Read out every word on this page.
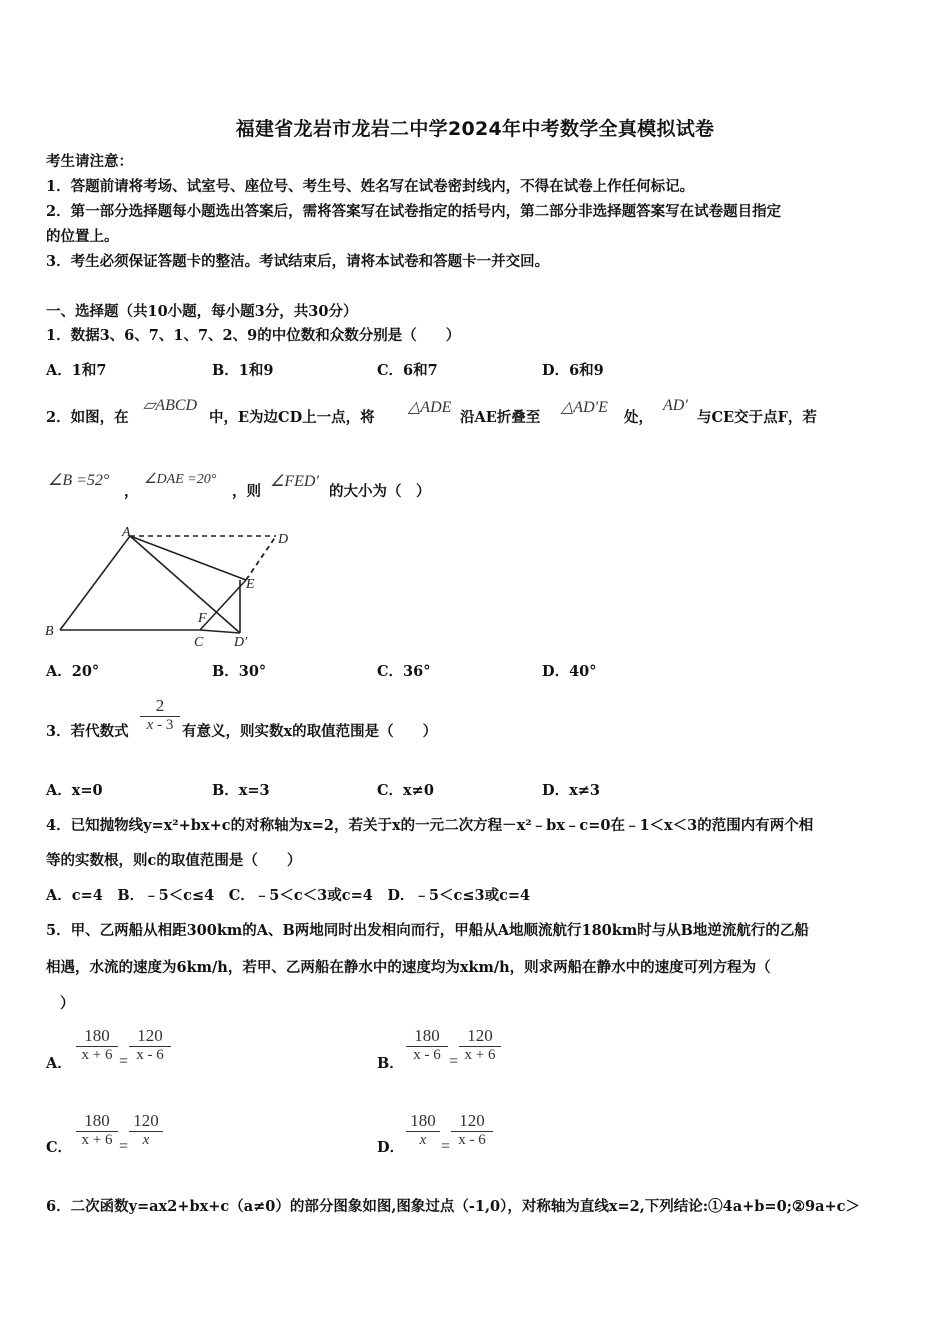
福建省龙岩市龙岩二中学2024年中考数学全真模拟试卷
考生请注意：
1．答题前请将考场、试室号、座位号、考生号、姓名写在试卷密封线内，不得在试卷上作任何标记。
2．第一部分选择题每小题选出答案后，需将答案写在试卷指定的括号内，第二部分非选择题答案写在试卷题目指定
的位置上。
3．考生必须保证答题卡的整洁。考试结束后，请将本试卷和答题卡一并交回。
一、选择题（共10小题，每小题3分，共30分）
1．数据3、6、7、1、7、2、9的中位数和众数分别是（　　）
A．1和7	B．1和9	C．6和7	D．6和9
2．如图，在
▱ABCD
中，E为边CD上一点，将
△ADE
沿AE折叠至
△AD′E
处，
AD′
与CE交于点F，若
∠B =52°
，
∠DAE =20°
，则
∠FED′
的大小为（　）
A
B
C
D
E
F
D′
A．20°	B．30°	C．36°	D．40°
3．若代数式
2
x - 3 有意义，则实数x的取值范围是（　　）
A．x=0	B．x=3	C．x≠0	D．x≠3
4．已知抛物线y=x²+bx+c的对称轴为x=2，若关于x的一元二次方程－x²﹣bx﹣c=0在﹣1＜x＜3的范围内有两个相
等的实数根，则c的取值范围是（　　）
A．c=4　B．﹣5＜c≤4　C．﹣5＜c＜3或c=4　D．﹣5＜c≤3或c=4
5．甲、乙两船从相距300km的A、B两地同时出发相向而行，甲船从A地顺流航行180km时与从B地逆流航行的乙船
相遇，水流的速度为6km/h，若甲、乙两船在静水中的速度均为xkm/h，则求两船在静水中的速度可列方程为（
）
A．
180
x + 6 =
120
x - 6	B．
180
x - 6 =
120
x + 6
C．
180
x + 6 =
120
x	D．
180
x =
120
x - 6
6．二次函数y=ax2+bx+c（a≠0）的部分图象如图,图象过点（-1,0），对称轴为直线x=2,下列结论:①4a+b=0;②9a+c＞
